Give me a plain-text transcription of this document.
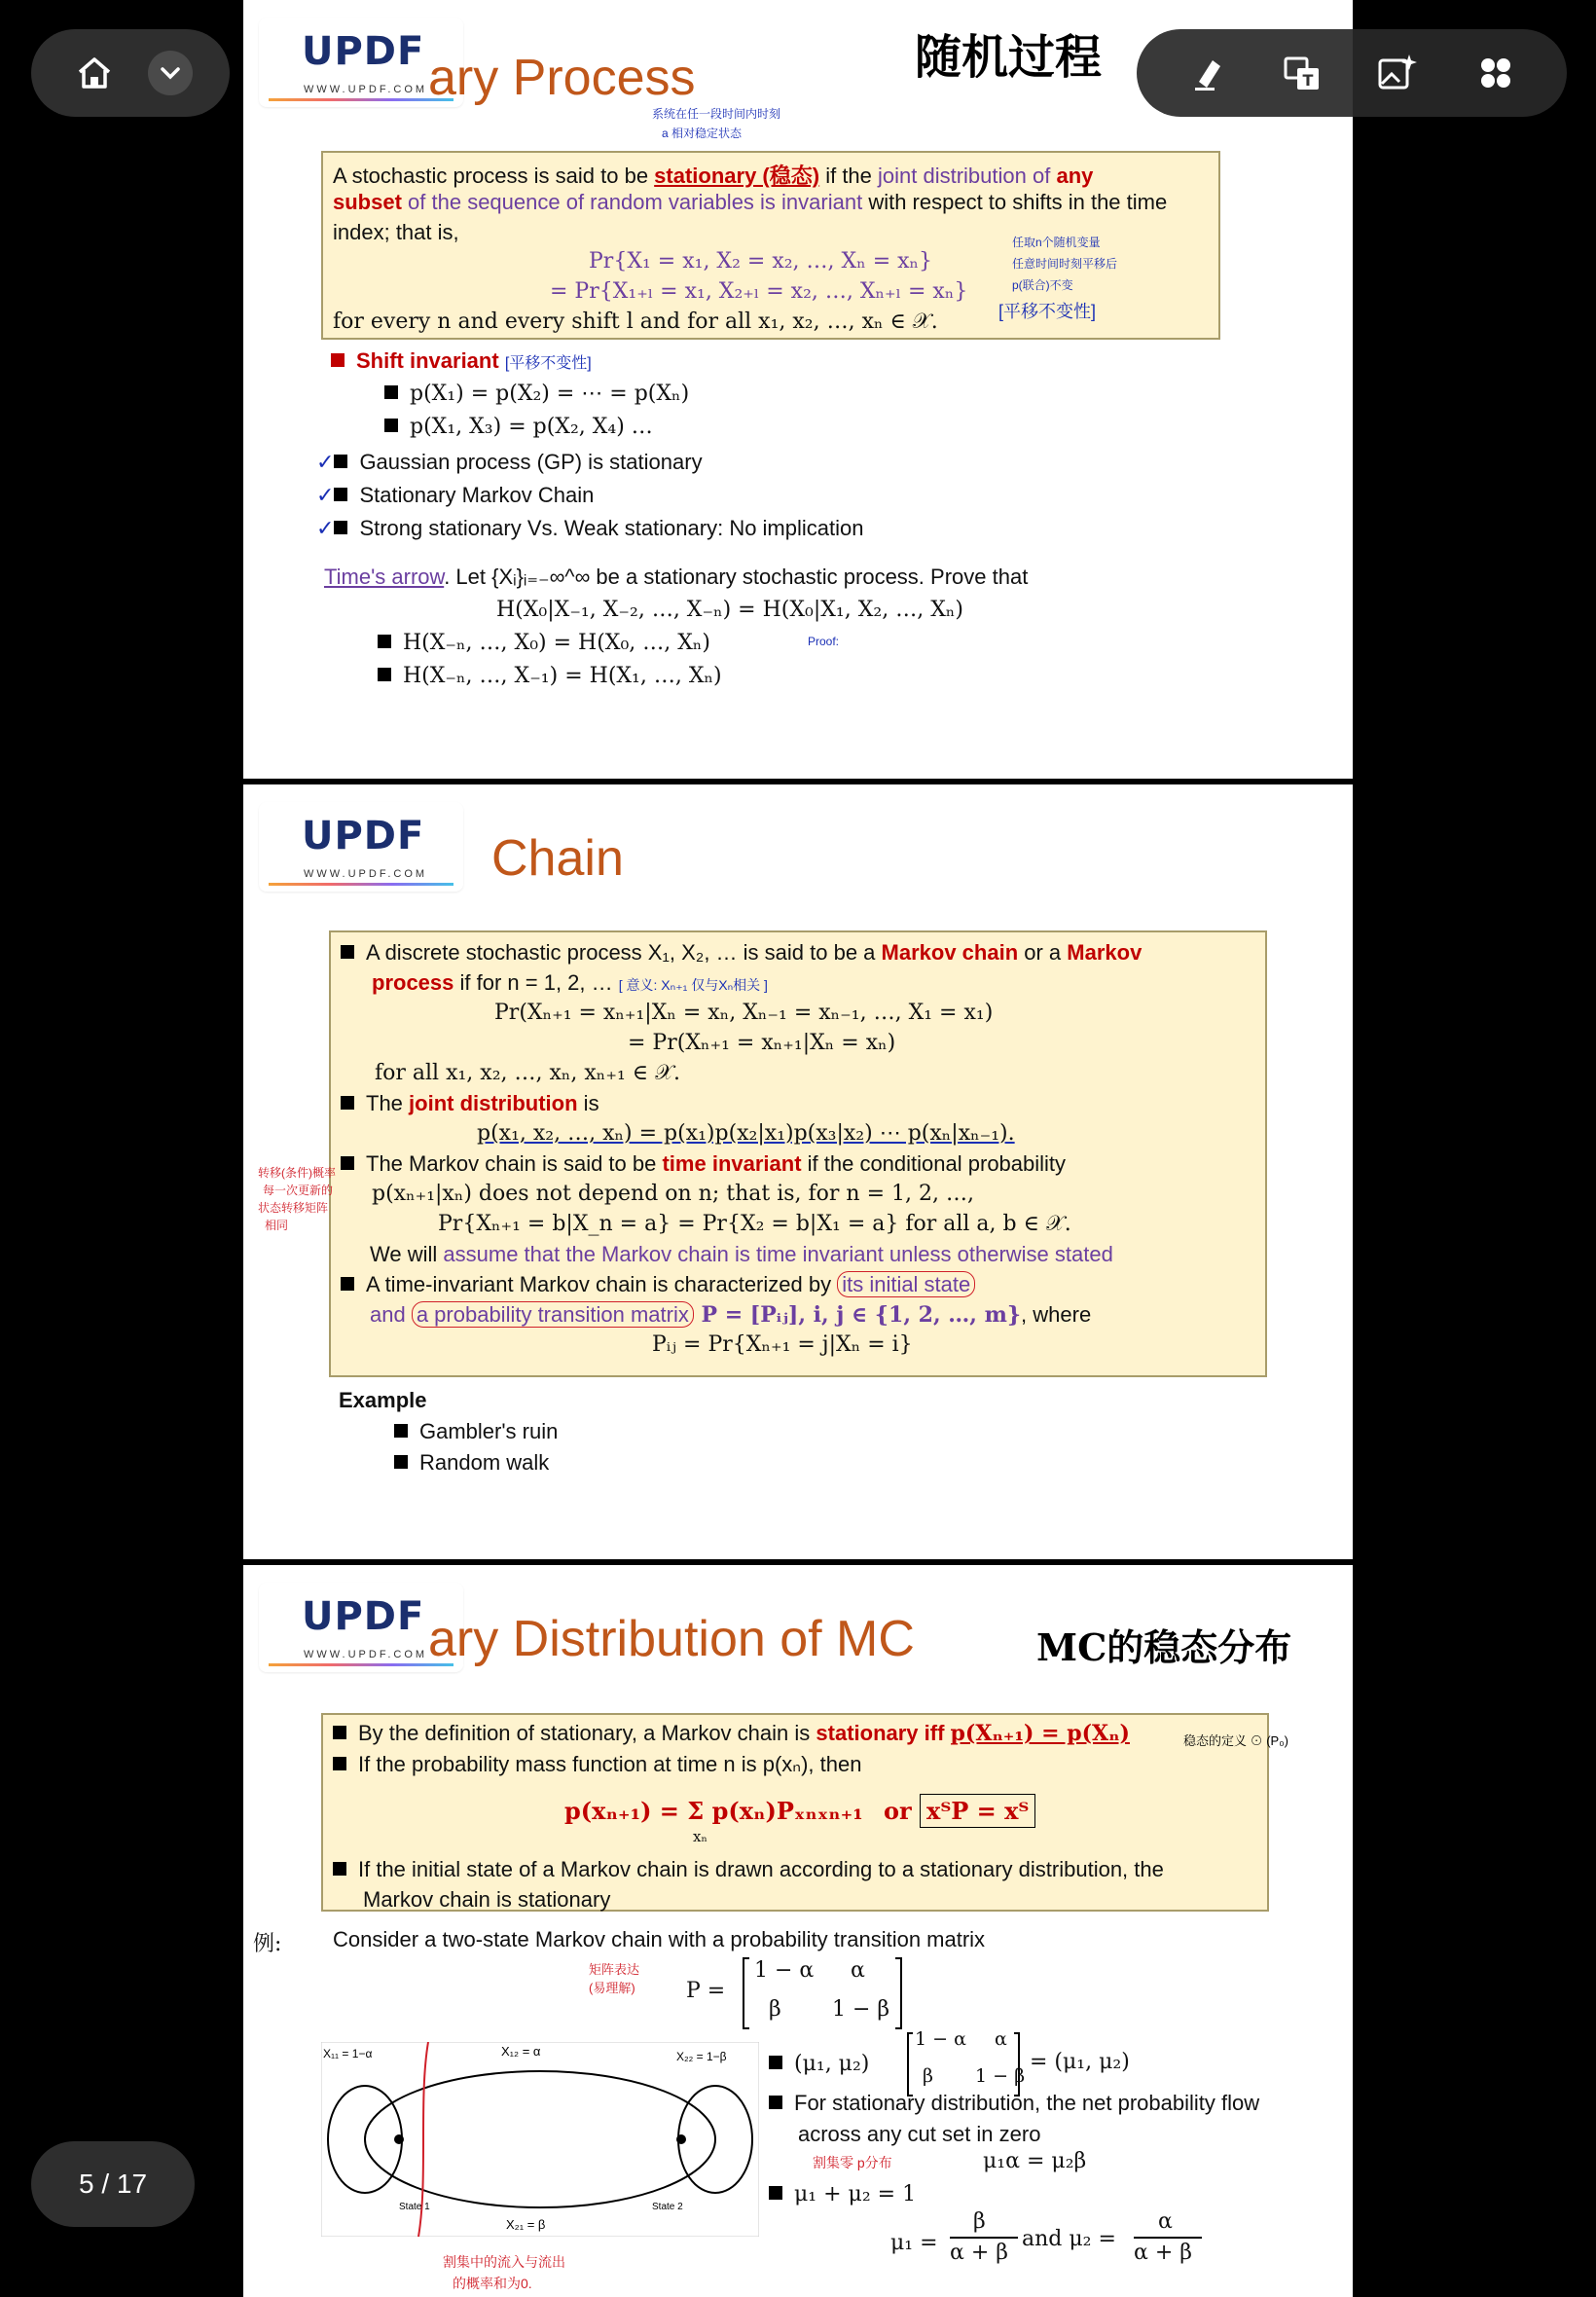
UPDF
WWW.UPDF.COM ary Process	随机过程
系统在任一段时间内时刻
a 相对稳定状态
A stochastic process is said to be stationary (稳态) if the joint distribution of any
subset of the sequence of random variables is invariant with respect to shifts in the time
index; that is,
Pr{X₁ = x₁, X₂ = x₂, …, Xₙ = xₙ}
= Pr{X₁₊ₗ = x₁, X₂₊ₗ = x₂, …, Xₙ₊ₗ = xₙ}
for every n and every shift l and for all x₁, x₂, …, xₙ ∈ 𝒳.
任取n个随机变量
任意时间时刻平移后
p(联合)不变
[平移不变性]
Shift invariant [平移不变性]
p(X₁) = p(X₂) = ⋯ = p(Xₙ)
p(X₁, X₃) = p(X₂, X₄) …
✓ Gaussian process (GP) is stationary
✓ Stationary Markov Chain
✓ Strong stationary Vs. Weak stationary: No implication
Time's arrow. Let {Xᵢ}ᵢ₌₋∞^∞ be a stationary stochastic process. Prove that
H(X₀|X₋₁, X₋₂, …, X₋ₙ) = H(X₀|X₁, X₂, …, Xₙ)
H(X₋ₙ, …, X₀) = H(X₀, …, Xₙ)	Proof:
H(X₋ₙ, …, X₋₁) = H(X₁, …, Xₙ)
UPDF
WWW.UPDF.COM Chain
A discrete stochastic process X₁, X₂, … is said to be a Markov chain or a Markov
process if for n = 1, 2, … [ 意义: Xₙ₊₁ 仅与Xₙ相关 ]
Pr(Xₙ₊₁ = xₙ₊₁|Xₙ = xₙ, Xₙ₋₁ = xₙ₋₁, …, X₁ = x₁)
= Pr(Xₙ₊₁ = xₙ₊₁|Xₙ = xₙ)
for all x₁, x₂, …, xₙ, xₙ₊₁ ∈ 𝒳.
The joint distribution is
p(x₁, x₂, …, xₙ) = p(x₁)p(x₂|x₁)p(x₃|x₂) ⋯ p(xₙ|xₙ₋₁).
The Markov chain is said to be time invariant if the conditional probability
p(xₙ₊₁|xₙ) does not depend on n; that is, for n = 1, 2, …,
Pr{Xₙ₊₁ = b|X_n = a} = Pr{X₂ = b|X₁ = a} for all a, b ∈ 𝒳.
We will assume that the Markov chain is time invariant unless otherwise stated
A time-invariant Markov chain is characterized by its initial state
and a probability transition matrix P = [Pᵢⱼ], i, j ∈ {1, 2, …, m}, where
Pᵢⱼ = Pr{Xₙ₊₁ = j|Xₙ = i}
转移(条件)概率
每一次更新的
状态转移矩阵
相同
Example
Gambler's ruin
Random walk
UPDF
WWW.UPDF.COM ary Distribution of MC	MC的稳态分布
By the definition of stationary, a Markov chain is stationary iff p(Xₙ₊₁) = p(Xₙ)	稳态的定义 ⊙ (P₀)
If the probability mass function at time n is p(xₙ), then
p(xₙ₊₁) = Σ p(xₙ)Pₓₙₓₙ₊₁
xₙ
or xᵀP = xᵀ
If the initial state of a Markov chain is drawn according to a stationary distribution, the
Markov chain is stationary
例: Consider a two-state Markov chain with a probability transition matrix
矩阵表达 (易理解)	P =
1 − α α
β 1 − β
X₁₁ = 1−α	X₁₂ = α	X₂₂ = 1−β
X₂₁ = β
State 1	State 2
割集中的流入与流出
的概率和为0.
(μ₁, μ₂)
1 − α α
β 1 − β
= (μ₁, μ₂)
For stationary distribution, the net probability flow
across any cut set in zero
割集零 p分布	μ₁α = μ₂β
μ₁ + μ₂ = 1
μ₁ =
β
α + β
and μ₂ =
α
α + β
T
5 / 17
